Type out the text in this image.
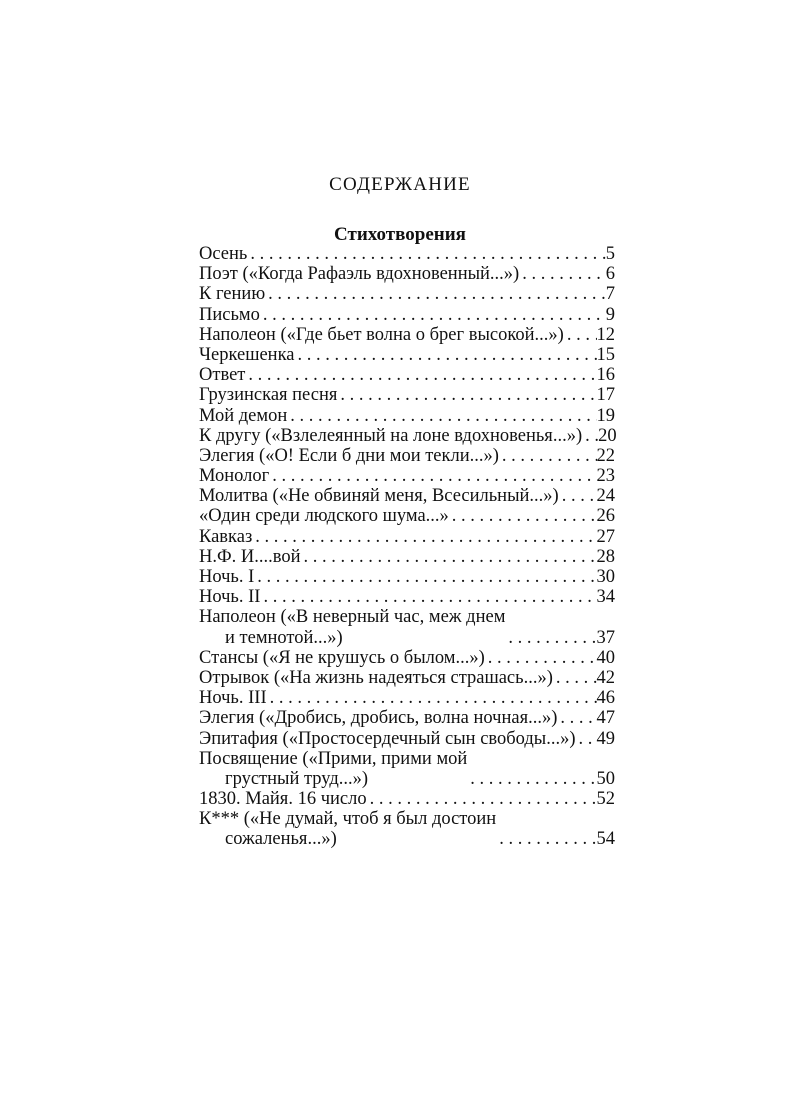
СОДЕРЖАНИЕ
Стихотворения
Осень . . .	5
Поэт («Когда Рафаэль вдохновенный...») . . .	6
К гению . . .	7
Письмо . . .	9
Наполеон («Где бьет волна о брег высокой...») . . . 12
Черкешенка . . .	15
Ответ . . .	16
Грузинская песня . . .	17
Мой демон . . .	19
К другу («Взлелеянный на лоне вдохновенья...») . . . 20
Элегия («О! Если б дни мои текли...») . . .	22
Монолог . . .	23
Молитва («Не обвиняй меня, Всесильный...») . . . 24
«Один среди людского шума...» . . .	26
Кавказ . . .	27
Н.Ф. И....вой . . .	28
Ночь. I . . .	30
Ночь. II . . .	34
Наполеон («В неверный час, меж днем
и темнотой...») . . .	37
Стансы («Я не крушусь о былом...») . . .	40
Отрывок («На жизнь надеяться страшась...») . . . 42
Ночь. III . . .	46
Элегия («Дробись, дробись, волна ночная...») . . . 47
Эпитафия («Простосердечный сын свободы...») . . . 49
Посвящение («Прими, прими мой
грустный труд...») . . .	50
1830. Майя. 16 число . . .	52
К*** («Не думай, чтоб я был достоин
сожаленья...») . . .	54
